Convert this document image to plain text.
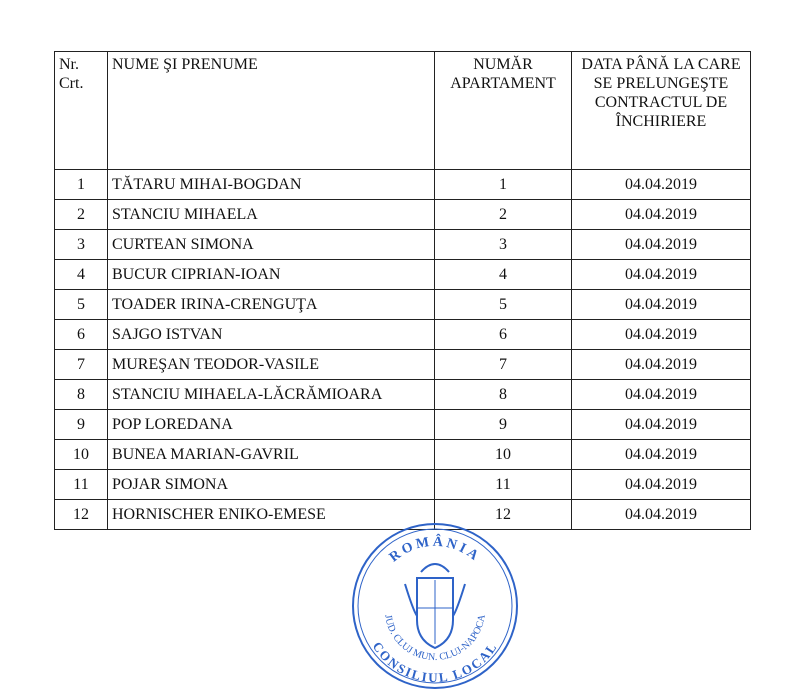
Nr. Crt.	NUME ŞI PRENUME	NUMĂR APARTAMENT	DATA PÂNĂ LA CARE SE PRELUNGEŞTE CONTRACTUL DE ÎNCHIRIERE
1	TĂTARU MIHAI-BOGDAN	1	04.04.2019
2	STANCIU MIHAELA	2	04.04.2019
3	CURTEAN SIMONA	3	04.04.2019
4	BUCUR CIPRIAN-IOAN	4	04.04.2019
5	TOADER IRINA-CRENGUŢA	5	04.04.2019
6	SAJGO ISTVAN	6	04.04.2019
7	MUREŞAN TEODOR-VASILE	7	04.04.2019
8	STANCIU MIHAELA-LĂCRĂMIOARA	8	04.04.2019
9	POP LOREDANA	9	04.04.2019
10	BUNEA MARIAN-GAVRIL	10	04.04.2019
11	POJAR SIMONA	11	04.04.2019
12	HORNISCHER ENIKO-EMESE	12	04.04.2019
ROMÂNIA
JUD. CLUJ MUN. CLUJ-NAPOCA
CONSILIUL LOCAL
